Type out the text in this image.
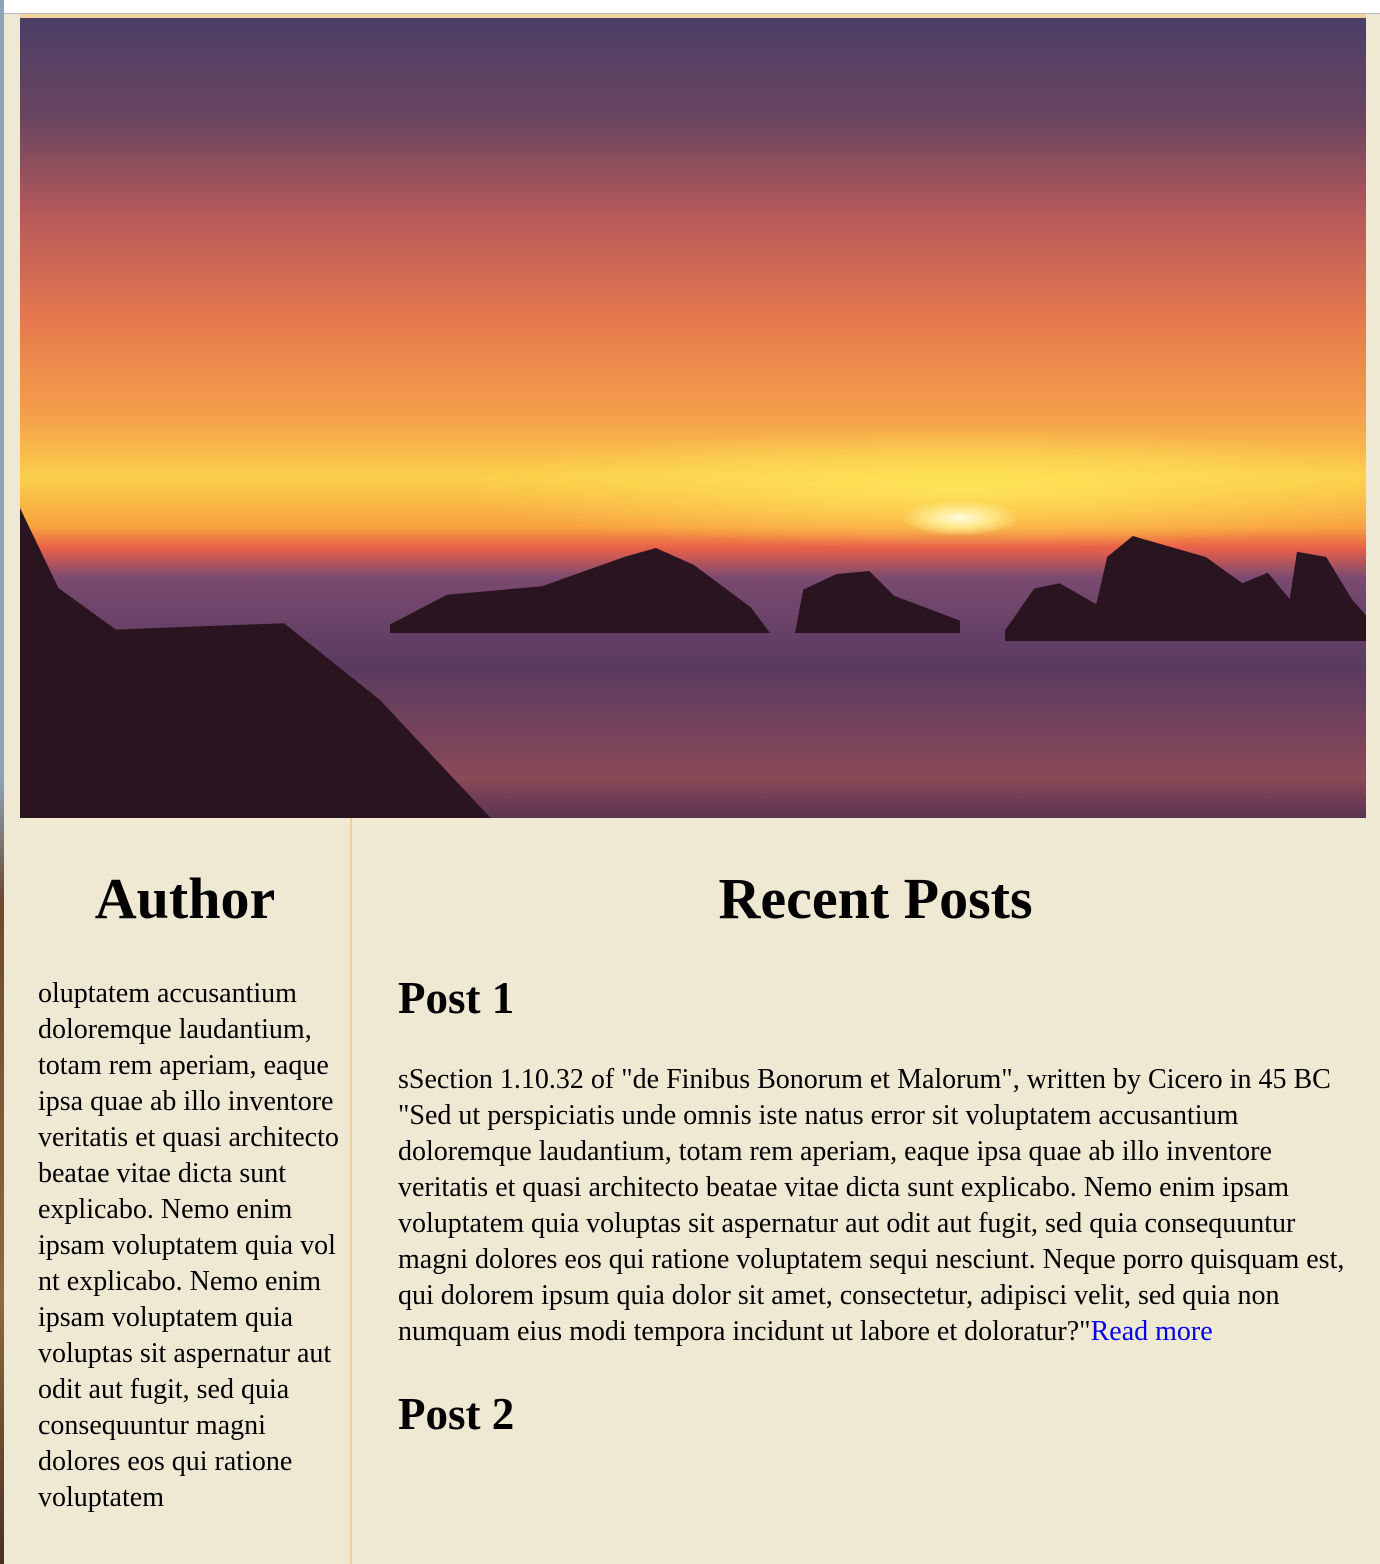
Author

oluptatem accusantium doloremque laudantium, totam rem aperiam, eaque ipsa quae ab illo inventore veritatis et quasi architecto beatae vitae dicta sunt explicabo. Nemo enim ipsam voluptatem quia vol nt explicabo. Nemo enim ipsam voluptatem quia voluptas sit aspernatur aut odit aut fugit, sed quia consequuntur magni dolores eos qui ratione voluptatem

Recent Posts
Post 1

sSection 1.10.32 of "de Finibus Bonorum et Malorum", written by Cicero in 45 BC "Sed ut perspiciatis unde omnis iste natus error sit voluptatem accusantium doloremque laudantium, totam rem aperiam, eaque ipsa quae ab illo inventore veritatis et quasi architecto beatae vitae dicta sunt explicabo. Nemo enim ipsam voluptatem quia voluptas sit aspernatur aut odit aut fugit, sed quia consequuntur magni dolores eos qui ratione voluptatem sequi nesciunt. Neque porro quisquam est, qui dolorem ipsum quia dolor sit amet, consectetur, adipisci velit, sed quia non numquam eius modi tempora incidunt ut labore et doloratur?"Read more

Post 2
